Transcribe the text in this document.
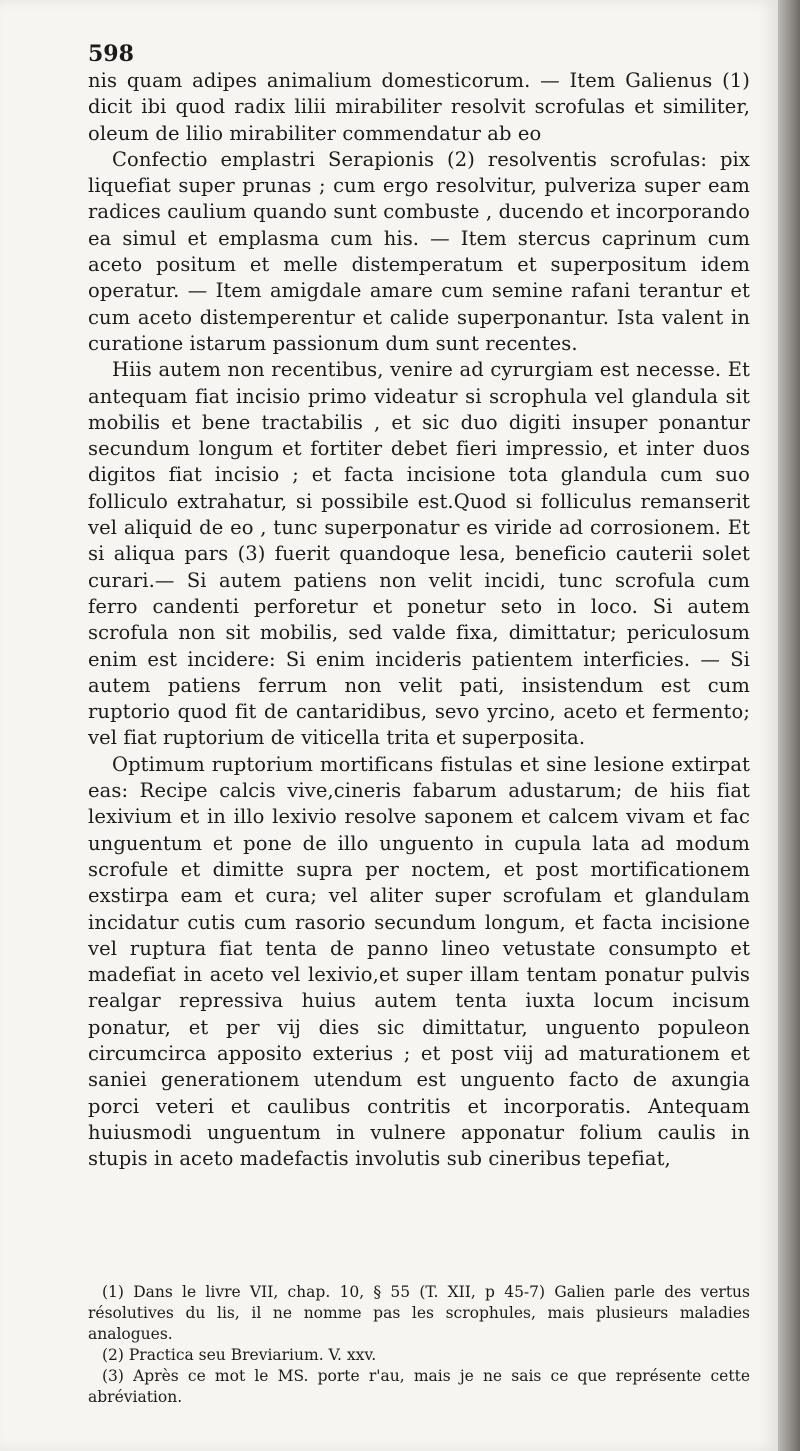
598

nis quam adipes animalium domesticorum. — Item Galienus (1) dicit ibi quod radix lilii mirabiliter resolvit scrofulas et similiter, oleum de lilio mirabiliter commendatur ab eo

Confectio emplastri Serapionis (2) resolventis scrofulas: pix liquefiat super prunas ; cum ergo resolvitur, pulveriza super eam radices caulium quando sunt combuste , ducendo et incorporando ea simul et emplasma cum his. — Item stercus caprinum cum aceto positum et melle distemperatum et superpositum idem operatur. — Item amigdale amare cum semine rafani terantur et cum aceto distemperentur et calide superponantur. Ista valent in curatione istarum passionum dum sunt recentes.

Hiis autem non recentibus, venire ad cyrurgiam est necesse. Et antequam fiat incisio primo videatur si scrophula vel glandula sit mobilis et bene tractabilis , et sic duo digiti insuper ponantur secundum longum et fortiter debet fieri impressio, et inter duos digitos fiat incisio ; et facta incisione tota glandula cum suo folliculo extrahatur, si possibile est.Quod si folliculus remanserit vel aliquid de eo , tunc superponatur es viride ad corrosionem. Et si aliqua pars (3) fuerit quandoque lesa, beneficio cauterii solet curari.— Si autem patiens non velit incidi, tunc scrofula cum ferro candenti perforetur et ponetur seto in loco. Si autem scrofula non sit mobilis, sed valde fixa, dimittatur; periculosum enim est incidere: Si enim incideris patientem interficies. — Si autem patiens ferrum non velit pati, insistendum est cum ruptorio quod fit de cantaridibus, sevo yrcino, aceto et fermento; vel fiat ruptorium de viticella trita et superposita.

Optimum ruptorium mortificans fistulas et sine lesione extirpat eas: Recipe calcis vive,cineris fabarum adustarum; de hiis fiat lexivium et in illo lexivio resolve saponem et calcem vivam et fac unguentum et pone de illo unguento in cupula lata ad modum scrofule et dimitte supra per noctem, et post mortificationem exstirpa eam et cura; vel aliter super scrofulam et glandulam incidatur cutis cum rasorio secundum longum, et facta incisione vel ruptura fiat tenta de panno lineo vetustate consumpto et madefiat in aceto vel lexivio,et super illam tentam ponatur pulvis realgar repressiva huius autem tenta iuxta locum incisum ponatur, et per vij dies sic dimittatur, unguento populeon circumcirca apposito exterius ; et post viij ad maturationem et saniei generationem utendum est unguento facto de axungia porci veteri et caulibus contritis et incorporatis. Antequam huiusmodi unguentum in vulnere apponatur folium caulis in stupis in aceto madefactis involutis sub cineribus tepefiat,

(1) Dans le livre VII, chap. 10, § 55 (T. XII, p 45-7) Galien parle des vertus résolutives du lis, il ne nomme pas les scrophules, mais plusieurs maladies analogues.

(2) Practica seu Breviarium. V. xxv.

(3) Après ce mot le MS. porte r'au, mais je ne sais ce que représente cette abréviation.
